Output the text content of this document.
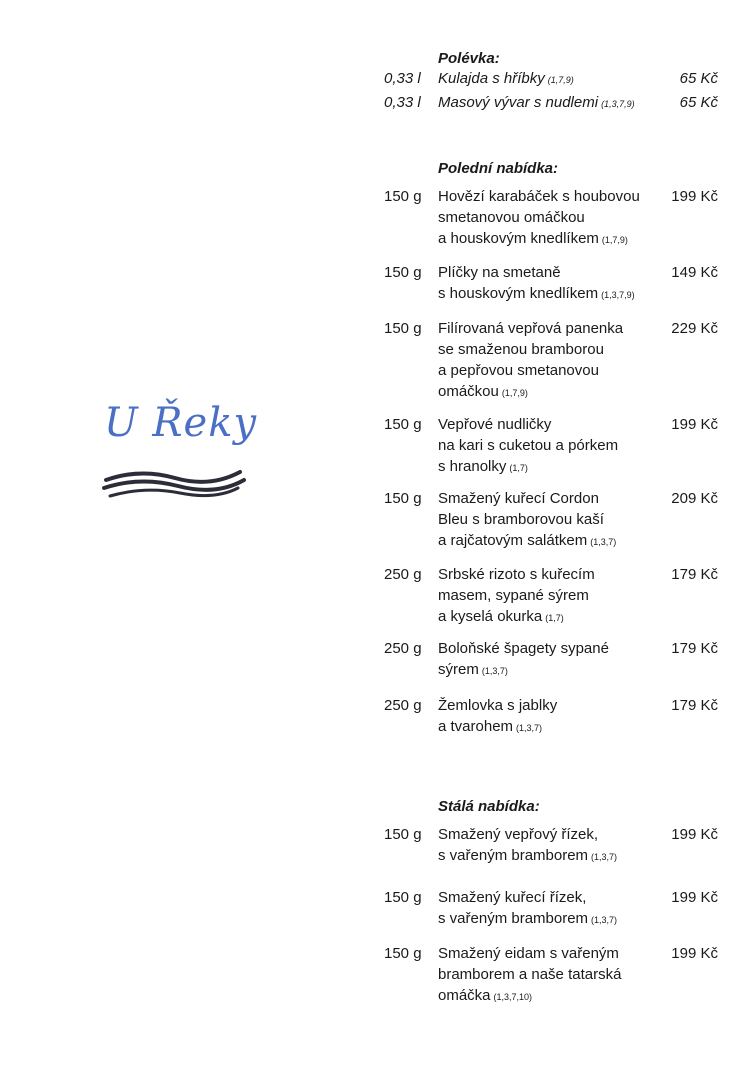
U Řeky
Polévka:
0,33 l Kulajda s hříbky (1,7,9)	65 Kč
0,33 l Masový vývar s nudlemi (1,3,7,9)	65 Kč
Polední nabídka:
150 g Hovězí karabáček s houbovou
smetanovou omáčkou
a houskovým knedlíkem (1,7,9)
199 Kč
150 g Plíčky na smetaně
s houskovým knedlíkem (1,3,7,9)
149 Kč
150 g Filírovaná vepřová panenka
se smaženou bramborou
a pepřovou smetanovou
omáčkou (1,7,9)
229 Kč
150 g Vepřové nudličky
na kari s cuketou a pórkem
s hranolky (1,7)
199 Kč
150 g Smažený kuřecí Cordon
Bleu s bramborovou kaší
a rajčatovým salátkem (1,3,7)
209 Kč
250 g Srbské rizoto s kuřecím
masem, sypané sýrem
a kyselá okurka (1,7)
179 Kč
250 g Boloňské špagety sypané
sýrem (1,3,7)
179 Kč
250 g Žemlovka s jablky
a tvarohem (1,3,7)
179 Kč
Stálá nabídka:
150 g Smažený vepřový řízek,
s vařeným bramborem (1,3,7)
199 Kč
150 g Smažený kuřecí řízek,
s vařeným bramborem (1,3,7)
199 Kč
150 g Smažený eidam s vařeným
bramborem a naše tatarská
omáčka (1,3,7,10)
199 Kč
